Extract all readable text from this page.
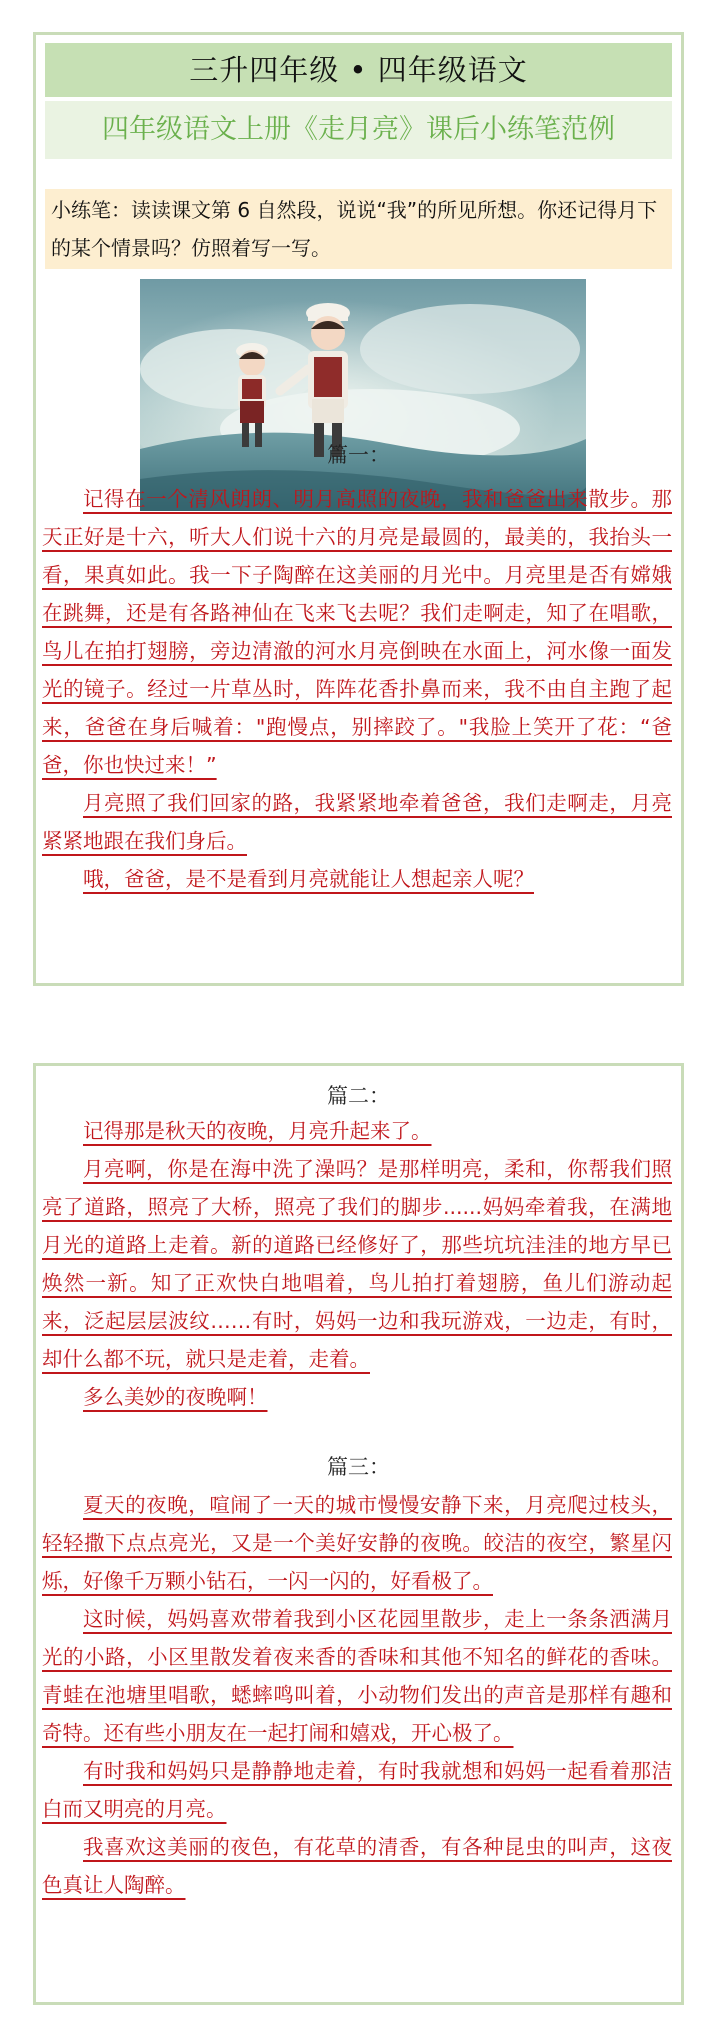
三升四年级 • 四年级语文
四年级语文上册《走月亮》课后小练笔范例
小练笔：读读课文第 6 自然段，说说“我”的所见所想。你还记得月下的某个情景吗？仿照着写一写。
篇一：

记得在一个清风朗朗、明月高照的夜晚，我和爸爸出来散步。那天正好是十六，听大人们说十六的月亮是最圆的，最美的，我抬头一看，果真如此。我一下子陶醉在这美丽的月光中。月亮里是否有嫦娥在跳舞，还是有各路神仙在飞来飞去呢？我们走啊走，知了在唱歌，鸟儿在拍打翅膀，旁边清澈的河水月亮倒映在水面上，河水像一面发光的镜子。经过一片草丛时，阵阵花香扑鼻而来，我不由自主跑了起来，爸爸在身后喊着："跑慢点，别摔跤了。"我脸上笑开了花：“爸爸，你也快过来！”

月亮照了我们回家的路，我紧紧地牵着爸爸，我们走啊走，月亮紧紧地跟在我们身后。

哦，爸爸，是不是看到月亮就能让人想起亲人呢？

篇二：

记得那是秋天的夜晚，月亮升起来了。

月亮啊，你是在海中洗了澡吗？是那样明亮，柔和，你帮我们照亮了道路，照亮了大桥，照亮了我们的脚步......妈妈牵着我，在满地月光的道路上走着。新的道路已经修好了，那些坑坑洼洼的地方早已焕然一新。知了正欢快白地唱着，鸟儿拍打着翅膀，鱼儿们游动起来，泛起层层波纹……有时，妈妈一边和我玩游戏，一边走，有时，却什么都不玩，就只是走着，走着。

多么美妙的夜晚啊！

篇三：

夏天的夜晚，喧闹了一天的城市慢慢安静下来，月亮爬过枝头，轻轻撒下点点亮光，又是一个美好安静的夜晚。皎洁的夜空，繁星闪烁，好像千万颗小钻石，一闪一闪的，好看极了。

这时候，妈妈喜欢带着我到小区花园里散步，走上一条条洒满月光的小路，小区里散发着夜来香的香味和其他不知名的鲜花的香味。青蛙在池塘里唱歌，蟋蟀鸣叫着，小动物们发出的声音是那样有趣和奇特。还有些小朋友在一起打闹和嬉戏，开心极了。

有时我和妈妈只是静静地走着，有时我就想和妈妈一起看着那洁白而又明亮的月亮。

我喜欢这美丽的夜色，有花草的清香，有各种昆虫的叫声，这夜色真让人陶醉。
